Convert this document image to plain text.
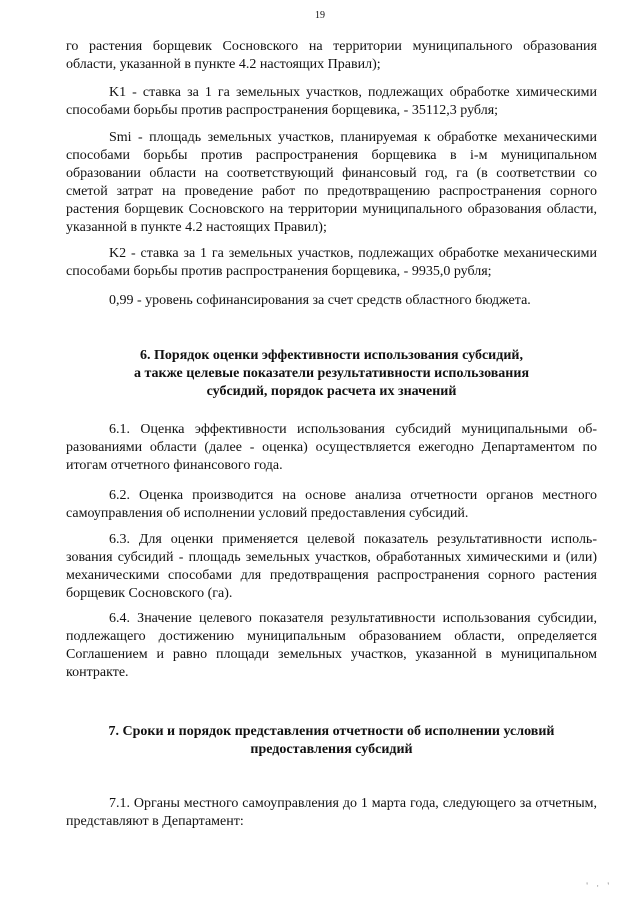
19

го растения борщевик Сосновского на территории муниципального образования области, указанной в пункте 4.2 настоящих Правил);

K1 - ставка за 1 га земельных участков, подлежащих обработке химическими способами борьбы против распространения борщевика, - 35112,3 рубля;

Smi - площадь земельных участков, планируемая к обработке механическими способами борьбы против распространения борщевика в i-м муниципальном образовании области на соответствующий финансовый год, га (в соответствии со сметой затрат на проведение работ по предотвращению распространения сорного растения борщевик Сосновского на территории муниципального образования области, указанной в пункте 4.2 настоящих Правил);

K2 - ставка за 1 га земельных участков, подлежащих обработке механическими способами борьбы против распространения борщевика, - 9935,0 рубля;

0,99 - уровень софинансирования за счет средств областного бюджета.

6. Порядок оценки эффективности использования субсидий,
а также целевые показатели результативности использования
субсидий, порядок расчета их значений

6.1. Оценка эффективности использования субсидий муниципальными образованиями области (далее - оценка) осуществляется ежегодно Департаментом по итогам отчетного финансового года.

6.2. Оценка производится на основе анализа отчетности органов местного самоуправления об исполнении условий предоставления субсидий.

6.3. Для оценки применяется целевой показатель результативности использования субсидий - площадь земельных участков, обработанных химическими и (или) механическими способами для предотвращения распространения сорного растения борщевик Сосновского (га).

6.4. Значение целевого показателя результативности использования субсидии, подлежащего достижению муниципальным образованием области, определяется Соглашением и равно площади земельных участков, указанной в муниципальном контракте.

7. Сроки и порядок представления отчетности об исполнении условий
предоставления субсидий

7.1. Органы местного самоуправления до 1 марта года, следующего за отчетным, представляют в Департамент:

' · '
